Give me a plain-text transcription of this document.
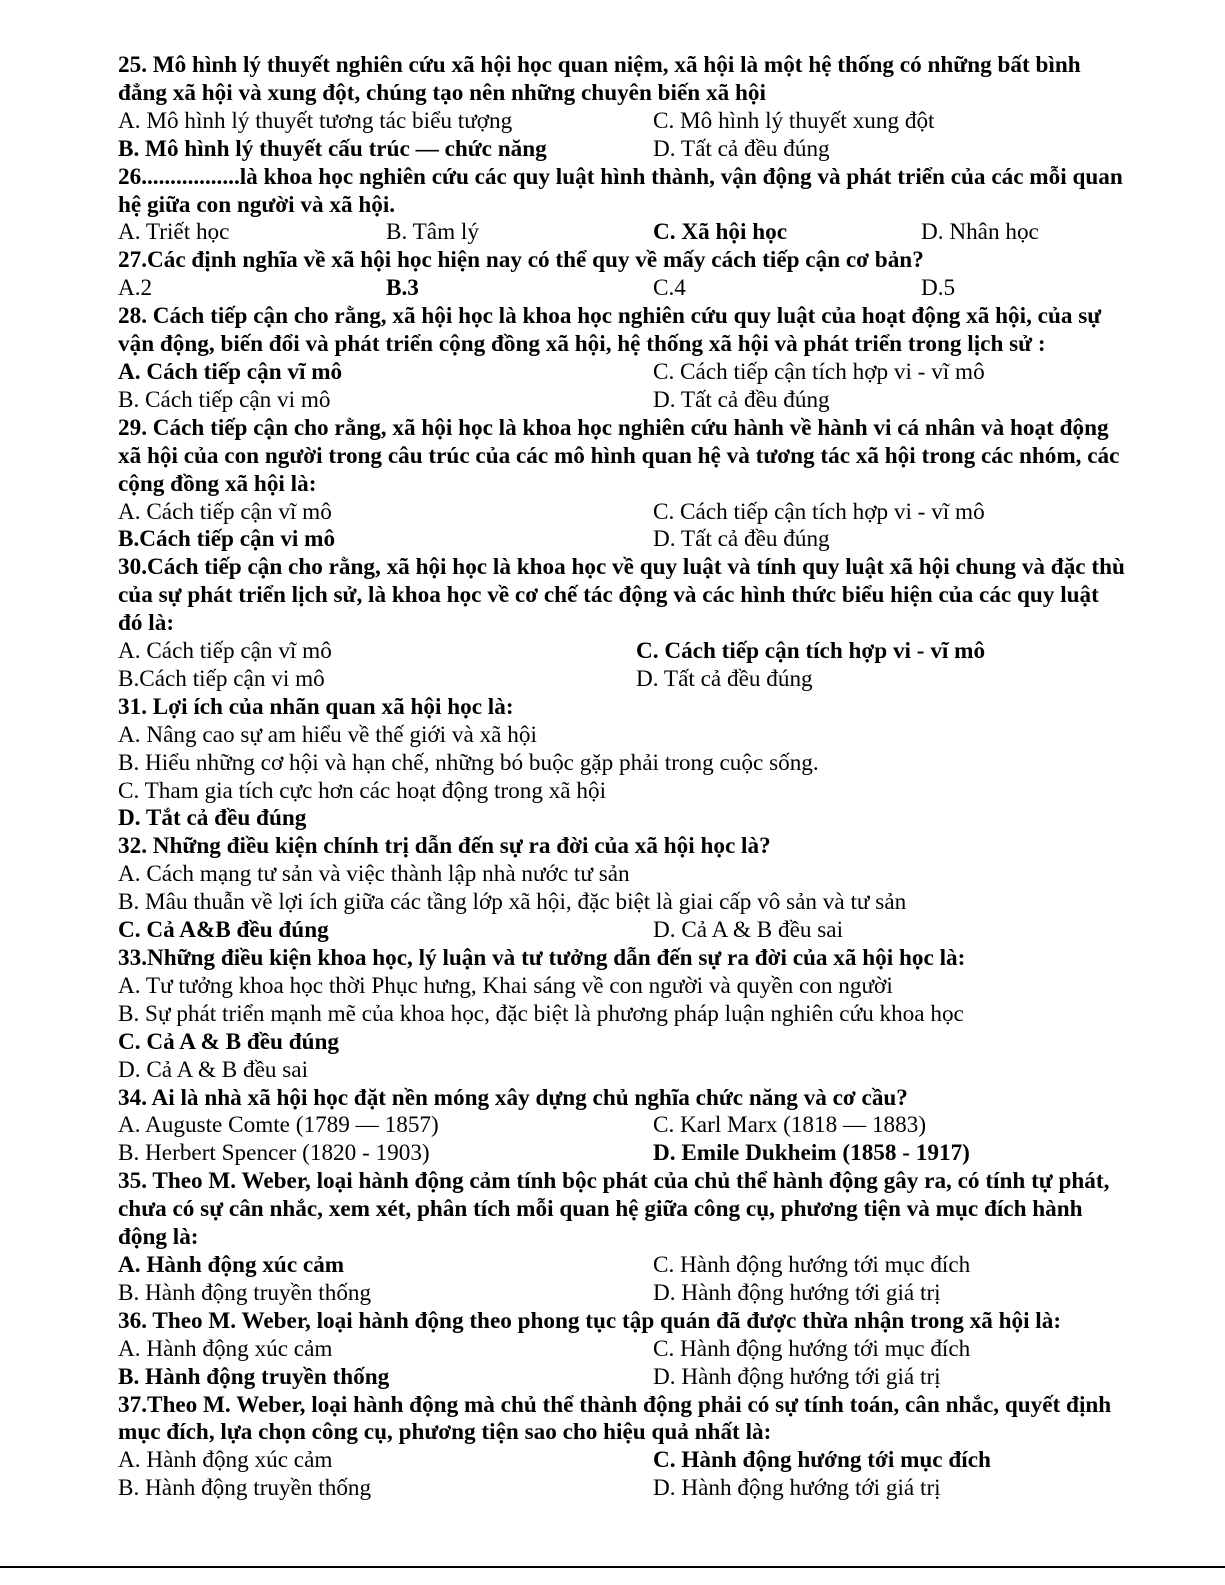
25. Mô hình lý thuyết nghiên cứu xã hội học quan niệm, xã hội là một hệ thống có những bất bình đẳng xã hội và xung đột, chúng tạo nên những chuyên biến xã hội
A. Mô hình lý thuyết tương tác biểu tượng	C. Mô hình lý thuyết xung đột
B. Mô hình lý thuyết cấu trúc — chức năng	D. Tất cả đều đúng
26.................là khoa học nghiên cứu các quy luật hình thành, vận động và phát triển của các mỗi quan hệ giữa con người và xã hội.
A. Triết học	B. Tâm lý	C. Xã hội học	D. Nhân học
27.Các định nghĩa về xã hội học hiện nay có thể quy về mấy cách tiếp cận cơ bản?
A.2	B.3	C.4	D.5
28. Cách tiếp cận cho rằng, xã hội học là khoa học nghiên cứu quy luật của hoạt động xã hội, của sự vận động, biến đổi và phát triển cộng đồng xã hội, hệ thống xã hội và phát triển trong lịch sử :
A. Cách tiếp cận vĩ mô	C. Cách tiếp cận tích hợp vi - vĩ mô
B. Cách tiếp cận vi mô	D. Tất cả đều đúng
29. Cách tiếp cận cho rằng, xã hội học là khoa học nghiên cứu hành về hành vi cá nhân và hoạt động xã hội của con người trong câu trúc của các mô hình quan hệ và tương tác xã hội trong các nhóm, các cộng đồng xã hội là:
A. Cách tiếp cận vĩ mô	C. Cách tiếp cận tích hợp vi - vĩ mô
B.Cách tiếp cận vi mô	D. Tất cả đều đúng
30.Cách tiếp cận cho rằng, xã hội học là khoa học về quy luật và tính quy luật xã hội chung và đặc thù của sự phát triển lịch sử, là khoa học về cơ chế tác động và các hình thức biểu hiện của các quy luật đó là:
A. Cách tiếp cận vĩ mô	C. Cách tiếp cận tích hợp vi - vĩ mô
B.Cách tiếp cận vi mô	D. Tất cả đều đúng
31. Lợi ích của nhãn quan xã hội học là:
A. Nâng cao sự am hiểu về thế giới và xã hội
B. Hiểu những cơ hội và hạn chế, những bó buộc gặp phải trong cuộc sống.
C. Tham gia tích cực hơn các hoạt động trong xã hội
D. Tắt cả đều đúng
32. Những điều kiện chính trị dẫn đến sự ra đời của xã hội học là?
A. Cách mạng tư sản và việc thành lập nhà nước tư sản
B. Mâu thuẫn về lợi ích giữa các tầng lớp xã hội, đặc biệt là giai cấp vô sản và tư sản
C. Cả A&B đều đúng	D. Cả A & B đều sai
33.Những điều kiện khoa học, lý luận và tư tưởng dẫn đến sự ra đời của xã hội học là:
A. Tư tưởng khoa học thời Phục hưng, Khai sáng về con người và quyền con người
B. Sự phát triển mạnh mẽ của khoa học, đặc biệt là phương pháp luận nghiên cứu khoa học
C. Cả A & B đều đúng
D. Cả A & B đều sai
34. Ai là nhà xã hội học đặt nền móng xây dựng chủ nghĩa chức năng và cơ cầu?
A. Auguste Comte (1789 — 1857)	C. Karl Marx (1818 — 1883)
B. Herbert Spencer (1820 - 1903)	D. Emile Dukheim (1858 - 1917)
35. Theo M. Weber, loại hành động cảm tính bộc phát của chủ thể hành động gây ra, có tính tự phát, chưa có sự cân nhắc, xem xét, phân tích mỗi quan hệ giữa công cụ, phương tiện và mục đích hành động là:
A. Hành động xúc cảm	C. Hành động hướng tới mục đích
B. Hành động truyền thống	D. Hành động hướng tới giá trị
36. Theo M. Weber, loại hành động theo phong tục tập quán đã được thừa nhận trong xã hội là:
A. Hành động xúc cảm	C. Hành động hướng tới mục đích
B. Hành động truyền thống	D. Hành động hướng tới giá trị
37.Theo M. Weber, loại hành động mà chủ thể thành động phải có sự tính toán, cân nhắc, quyết định mục đích, lựa chọn công cụ, phương tiện sao cho hiệu quả nhất là:
A. Hành động xúc cảm	C. Hành động hướng tới mục đích
B. Hành động truyền thống	D. Hành động hướng tới giá trị
